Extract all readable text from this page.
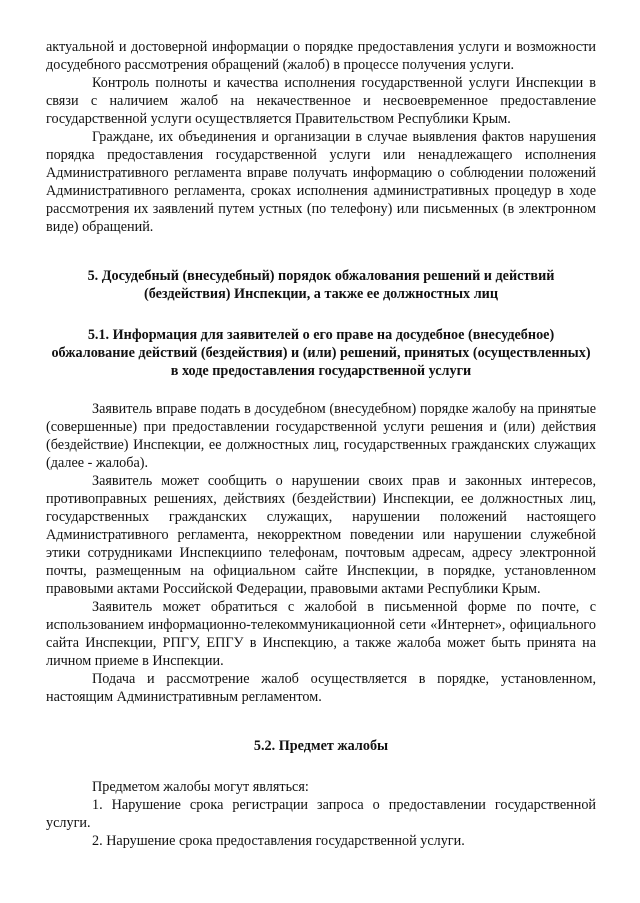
актуальной и достоверной информации о порядке предоставления услуги и возможности досудебного рассмотрения обращений (жалоб) в процессе получения услуги.

Контроль полноты и качества исполнения государственной услуги Инспекции в связи с наличием жалоб на некачественное и несвоевременное предоставление государственной услуги осуществляется Правительством Республики Крым.

Граждане, их объединения и организации в случае выявления фактов нарушения порядка предоставления государственной услуги или ненадлежащего исполнения Административного регламента вправе получать информацию о соблюдении положений Административного регламента, сроках исполнения административных процедур в ходе рассмотрения их заявлений путем устных (по телефону) или письменных (в электронном виде) обращений.

5. Досудебный (внесудебный) порядок обжалования решений и действий (бездействия) Инспекции, а также ее должностных лиц

5.1. Информация для заявителей о его праве на досудебное (внесудебное) обжалование действий (бездействия) и (или) решений, принятых (осуществленных) в ходе предоставления государственной услуги

Заявитель вправе подать в досудебном (внесудебном) порядке жалобу на принятые (совершенные) при предоставлении государственной услуги решения и (или) действия (бездействие) Инспекции, ее должностных лиц, государственных гражданских служащих (далее - жалоба).

Заявитель может сообщить о нарушении своих прав и законных интересов, противоправных решениях, действиях (бездействии) Инспекции, ее должностных лиц, государственных гражданских служащих, нарушении положений настоящего Административного регламента, некорректном поведении или нарушении служебной этики сотрудниками Инспекциипо телефонам, почтовым адресам, адресу электронной почты, размещенным на официальном сайте Инспекции, в порядке, установленном правовыми актами Российской Федерации, правовыми актами Республики Крым.

Заявитель может обратиться с жалобой в письменной форме по почте, с использованием информационно-телекоммуникационной сети «Интернет», официального сайта Инспекции, РПГУ, ЕПГУ в Инспекцию, а также жалоба может быть принята на личном приеме в Инспекции.

Подача и рассмотрение жалоб осуществляется в порядке, установленном, настоящим Административным регламентом.

5.2. Предмет жалобы

Предметом жалобы могут являться:

1. Нарушение срока регистрации запроса о предоставлении государственной услуги.

2. Нарушение срока предоставления государственной услуги.
